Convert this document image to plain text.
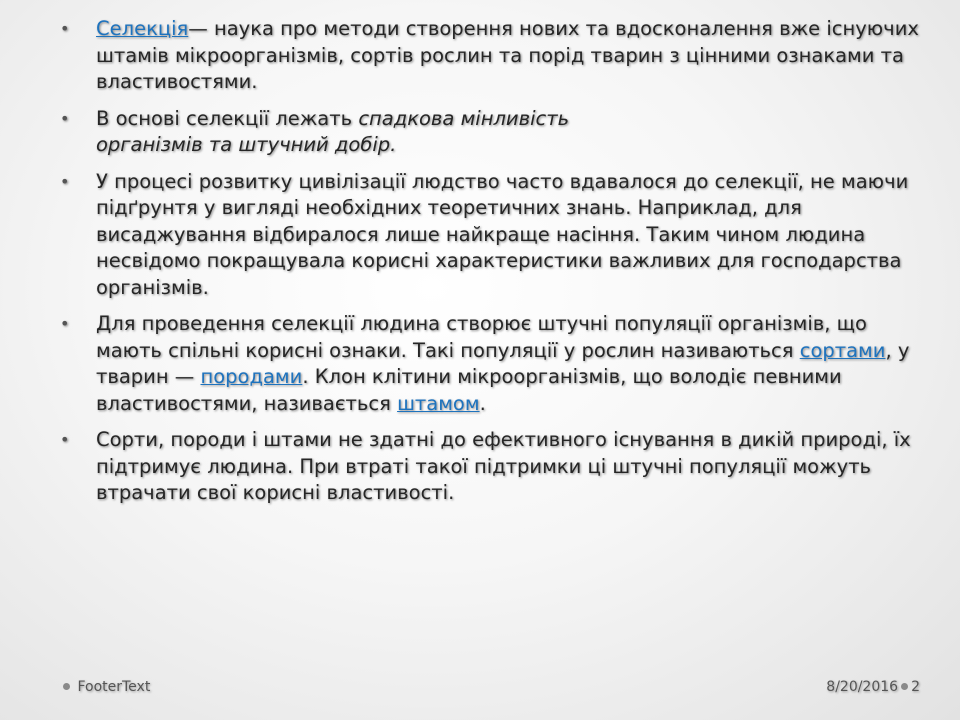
• Селекція— наука про методи створення нових та вдосконалення вже існуючих штамів мікроорганізмів, сортів рослин та порід тварин з цінними ознаками та властивостями.
• В основі селекції лежать спадкова мінливість
організмів та штучний добір.
• У процесі розвитку цивілізації людство часто вдавалося до селекції, не маючи підґрунтя у вигляді необхідних теоретичних знань. Наприклад, для висаджування відбиралося лише найкраще насіння. Таким чином людина несвідомо покращувала корисні характеристики важливих для господарства організмів.
• Для проведення селекції людина створює штучні популяції організмів, що мають спільні корисні ознаки. Такі популяції у рослин називаються сортами, у тварин — породами. Клон клітини мікроорганізмів, що володіє певними властивостями, називається штамом.
• Сорти, породи і штами не здатні до ефективного існування в дикій природі, їх підтримує людина. При втраті такої підтримки ці штучні популяції можуть втрачати свої корисні властивості.
FooterText	8/20/2016 2
